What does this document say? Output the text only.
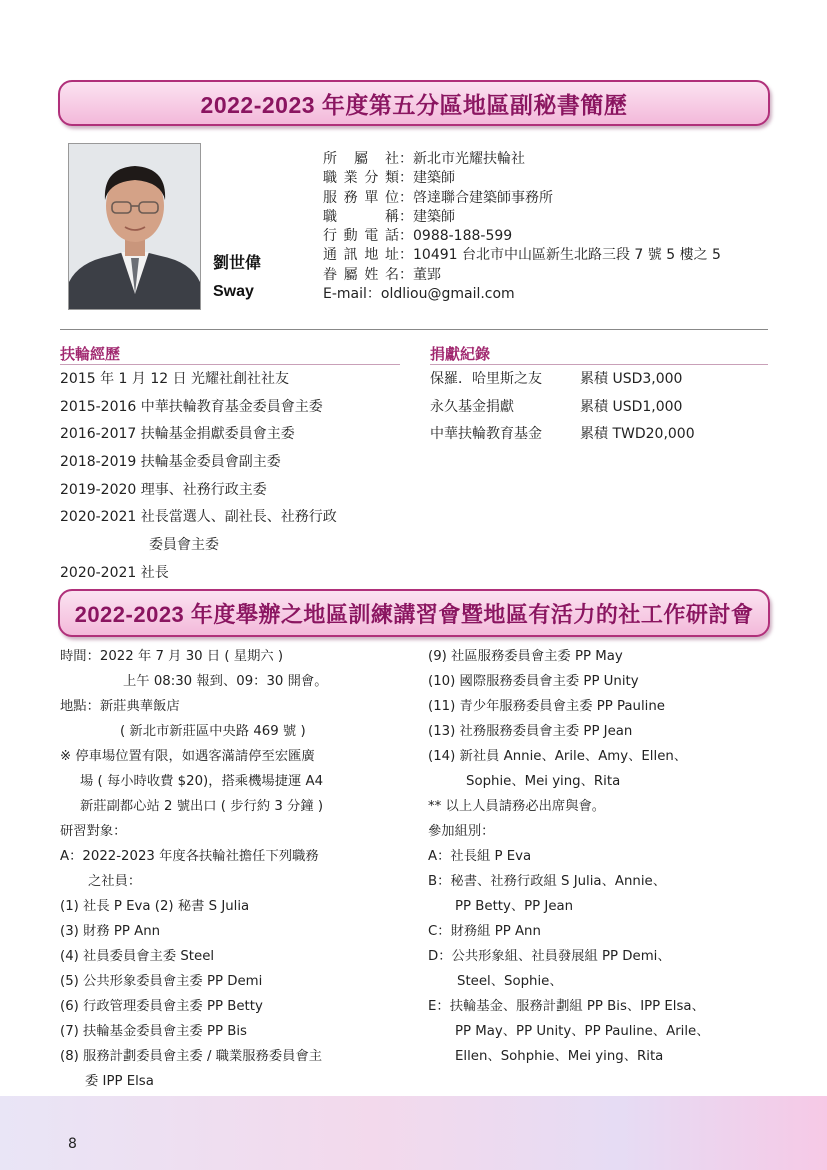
2022-2023 年度第五分區地區副秘書簡歷
劉世偉
Sway
所屬社：新北市光耀扶輪社
職業分類：建築師
服務單位：啓達聯合建築師事務所
職稱：建築師
行動電話：0988-188-599
通訊地址：10491 台北市中山區新生北路三段 7 號 5 樓之 5
眷屬姓名：董郢
E-mail：oldliou@gmail.com
扶輪經歷
2015 年 1 月 12 日 光耀社創社社友
2015-2016 中華扶輪教育基金委員會主委
2016-2017 扶輪基金捐獻委員會主委
2018-2019 扶輪基金委員會副主委
2019-2020 理事、社務行政主委
2020-2021 社長當選人、副社長、社務行政
委員會主委
2020-2021 社長
捐獻紀錄
保羅．哈里斯之友	累積 USD3,000
永久基金捐獻	累積 USD1,000
中華扶輪教育基金	累積 TWD20,000
2022-2023 年度舉辦之地區訓練講習會暨地區有活力的社工作研討會
時間：2022 年 7 月 30 日 ( 星期六 )
上午 08:30 報到、09：30 開會。
地點：新莊典華飯店
( 新北市新莊區中央路 469 號 )
※ 停車場位置有限，如遇客滿請停至宏匯廣
場 ( 每小時收費 $20)，搭乘機場捷運 A4
新莊副都心站 2 號出口 ( 步行約 3 分鐘 )
研習對象：
A：2022-2023 年度各扶輪社擔任下列職務
之社員：
(1) 社長 P Eva (2) 秘書 S Julia
(3) 財務 PP Ann
(4) 社員委員會主委 Steel
(5) 公共形象委員會主委 PP Demi
(6) 行政管理委員會主委 PP Betty
(7) 扶輪基金委員會主委 PP Bis
(8) 服務計劃委員會主委 / 職業服務委員會主
委 IPP Elsa
(9) 社區服務委員會主委 PP May
(10) 國際服務委員會主委 PP Unity
(11) 青少年服務委員會主委 PP Pauline
(13) 社務服務委員會主委 PP Jean
(14) 新社員 Annie、Arile、Amy、Ellen、
Sophie、Mei ying、Rita
** 以上人員請務必出席與會。
參加組別：
A：社長組 P Eva
B：秘書、社務行政組 S Julia、Annie、
PP Betty、PP Jean
C：財務組 PP Ann
D：公共形象組、社員發展組 PP Demi、
Steel、Sophie、
E：扶輪基金、服務計劃組 PP Bis、IPP Elsa、
PP May、PP Unity、PP Pauline、Arile、
Ellen、Sohphie、Mei ying、Rita
8
